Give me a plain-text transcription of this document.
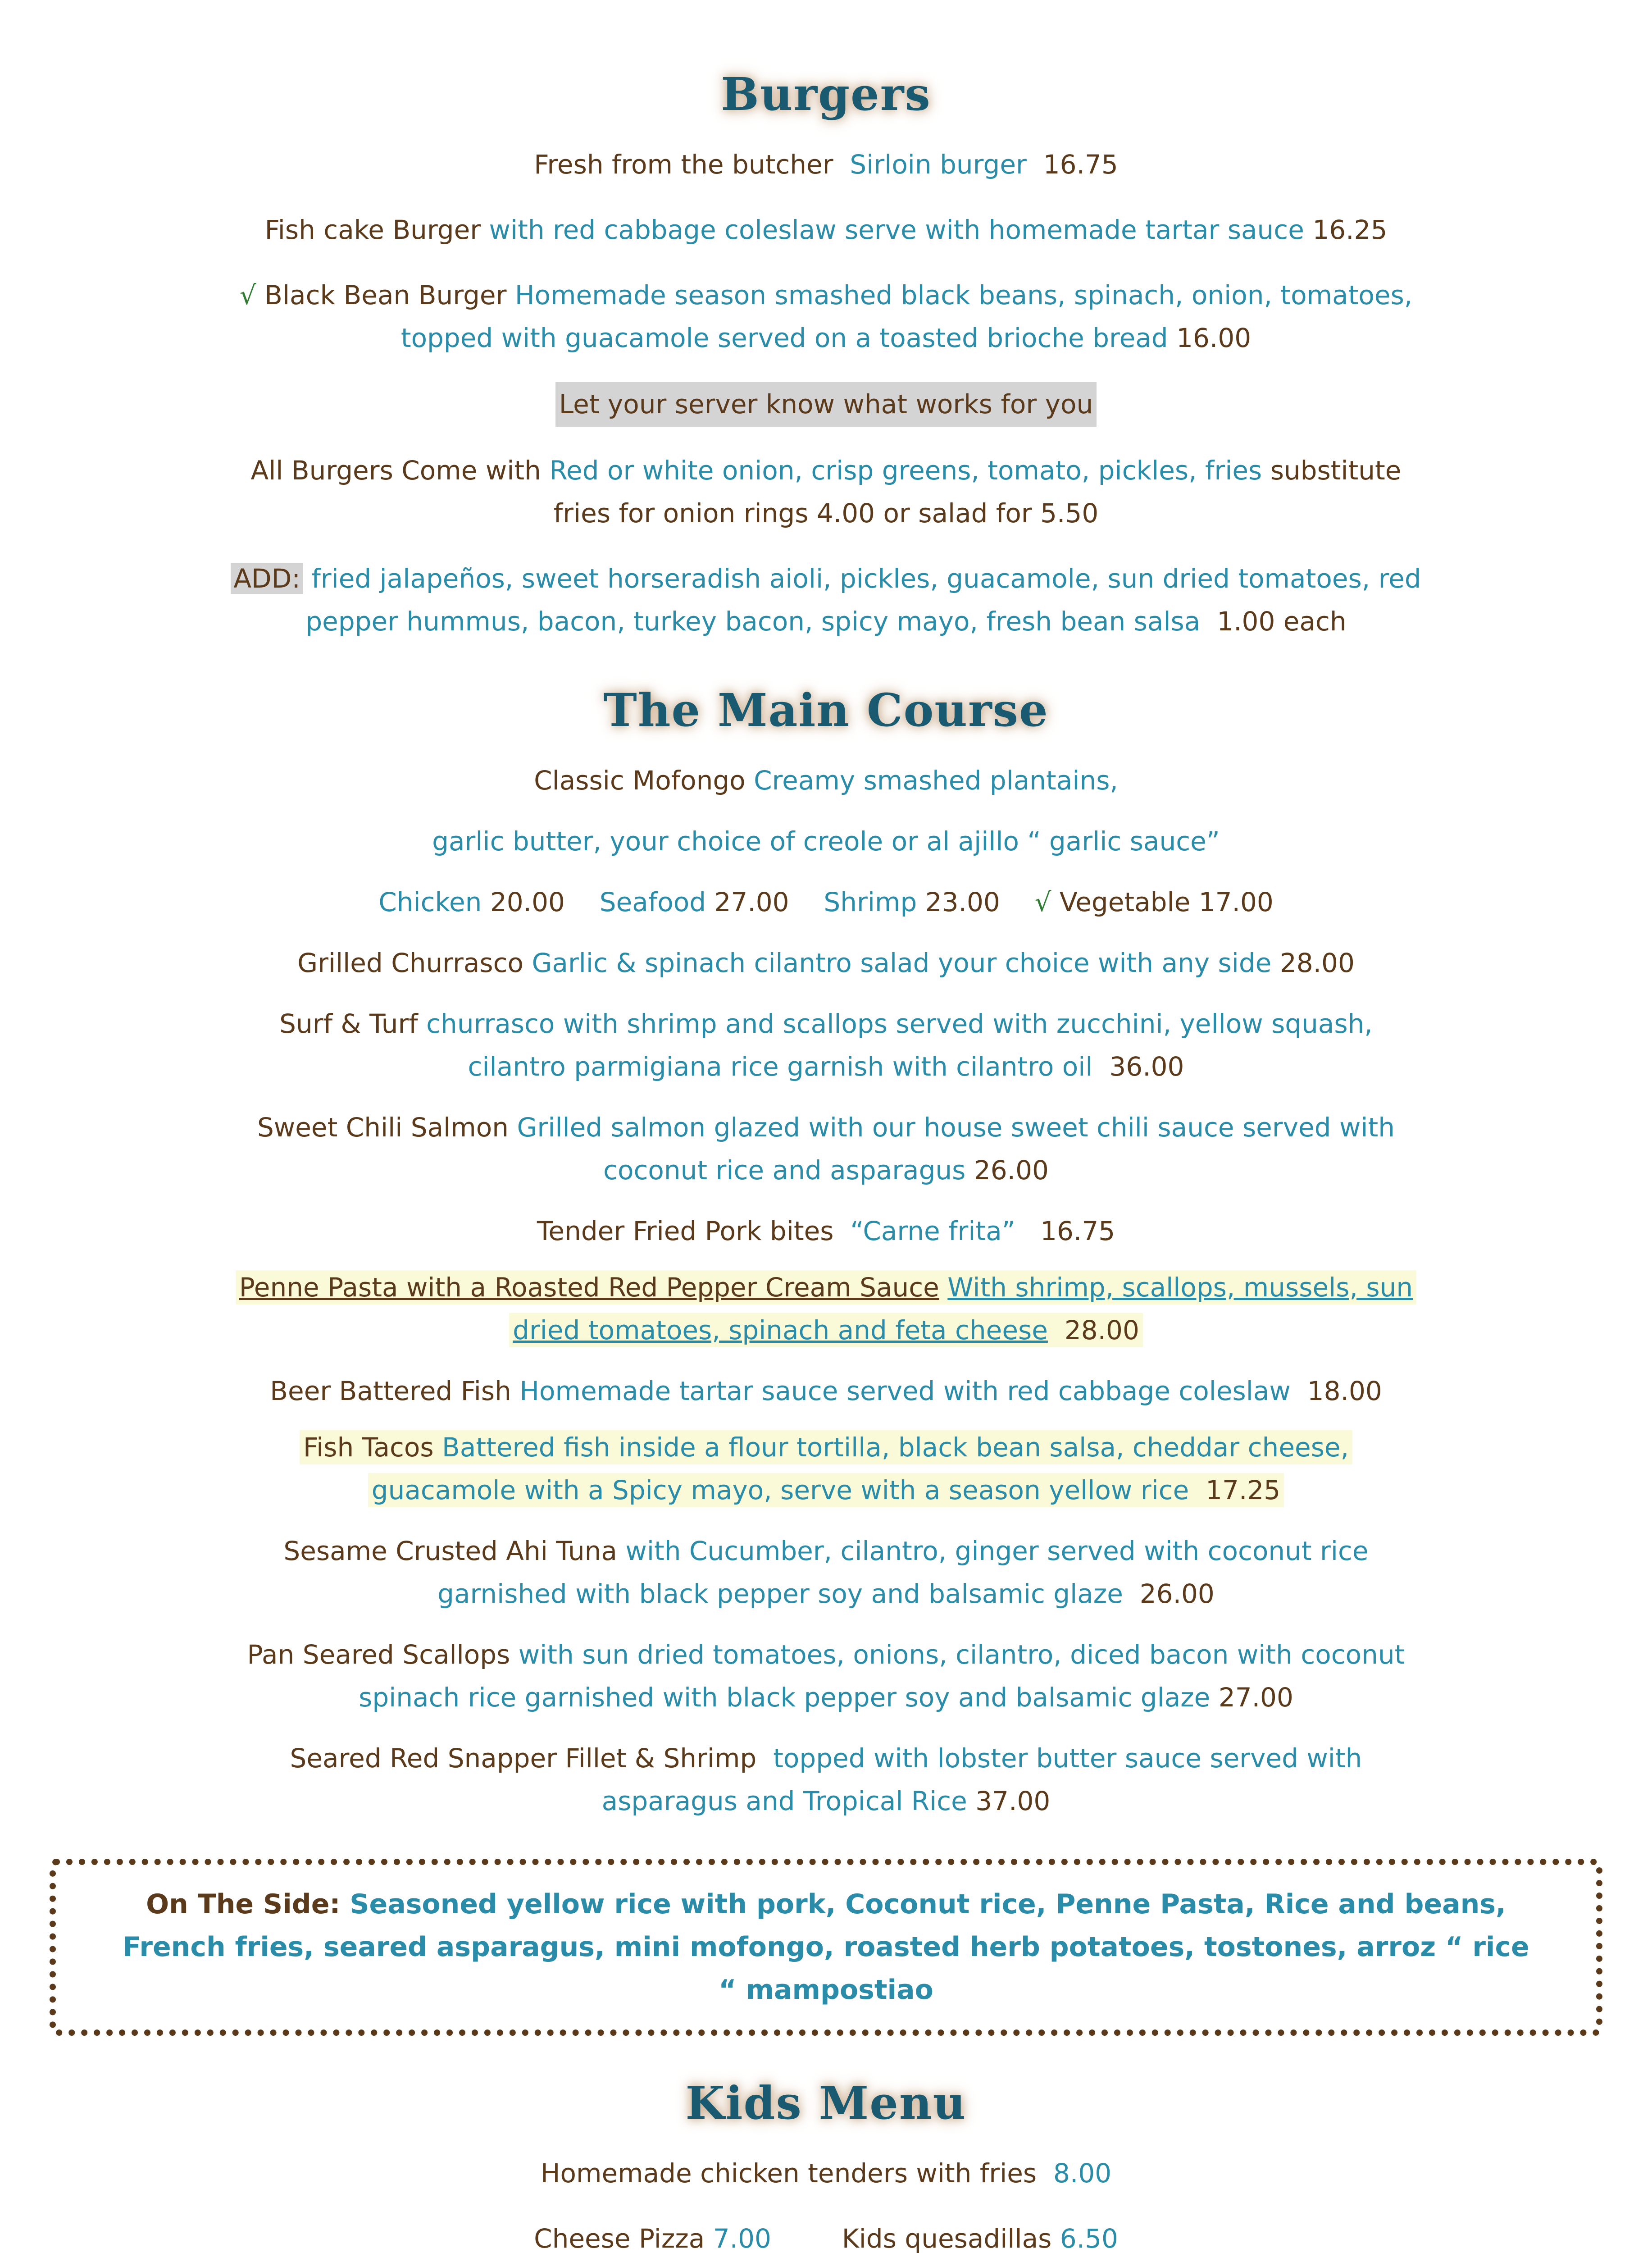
Burgers

Fresh from the butcher Sirloin burger 16.75

Fish cake Burger with red cabbage coleslaw serve with homemade tartar sauce 16.25

√ Black Bean Burger Homemade season smashed black beans, spinach, onion, tomatoes,

topped with guacamole served on a toasted brioche bread 16.00

Let your server know what works for you

All Burgers Come with Red or white onion, crisp greens, tomato, pickles, fries substitute

fries for onion rings 4.00 or salad for 5.50

ADD: fried jalapeños, sweet horseradish aioli, pickles, guacamole, sun dried tomatoes, red

pepper hummus, bacon, turkey bacon, spicy mayo, fresh bean salsa 1.00 each

The Main Course

Classic Mofongo Creamy smashed plantains,

garlic butter, your choice of creole or al ajillo “ garlic sauce”

Chicken 20.00 Seafood 27.00 Shrimp 23.00 √ Vegetable 17.00

Grilled Churrasco Garlic & spinach cilantro salad your choice with any side 28.00

Surf & Turf churrasco with shrimp and scallops served with zucchini, yellow squash,

cilantro parmigiana rice garnish with cilantro oil 36.00

Sweet Chili Salmon Grilled salmon glazed with our house sweet chili sauce served with

coconut rice and asparagus 26.00

Tender Fried Pork bites “Carne frita” 16.75

Penne Pasta with a Roasted Red Pepper Cream Sauce With shrimp, scallops, mussels, sun

dried tomatoes, spinach and feta cheese 28.00

Beer Battered Fish Homemade tartar sauce served with red cabbage coleslaw 18.00

Fish Tacos Battered fish inside a flour tortilla, black bean salsa, cheddar cheese,

guacamole with a Spicy mayo, serve with a season yellow rice 17.25

Sesame Crusted Ahi Tuna with Cucumber, cilantro, ginger served with coconut rice

garnished with black pepper soy and balsamic glaze 26.00

Pan Seared Scallops with sun dried tomatoes, onions, cilantro, diced bacon with coconut

spinach rice garnished with black pepper soy and balsamic glaze 27.00

Seared Red Snapper Fillet & Shrimp topped with lobster butter sauce served with

asparagus and Tropical Rice 37.00

On The Side: Seasoned yellow rice with pork, Coconut rice, Penne Pasta, Rice and beans,

French fries, seared asparagus, mini mofongo, roasted herb potatoes, tostones, arroz “ rice

“ mampostiao

Kids Menu

Homemade chicken tenders with fries 8.00

Cheese Pizza 7.00	Kids quesadillas 6.50
